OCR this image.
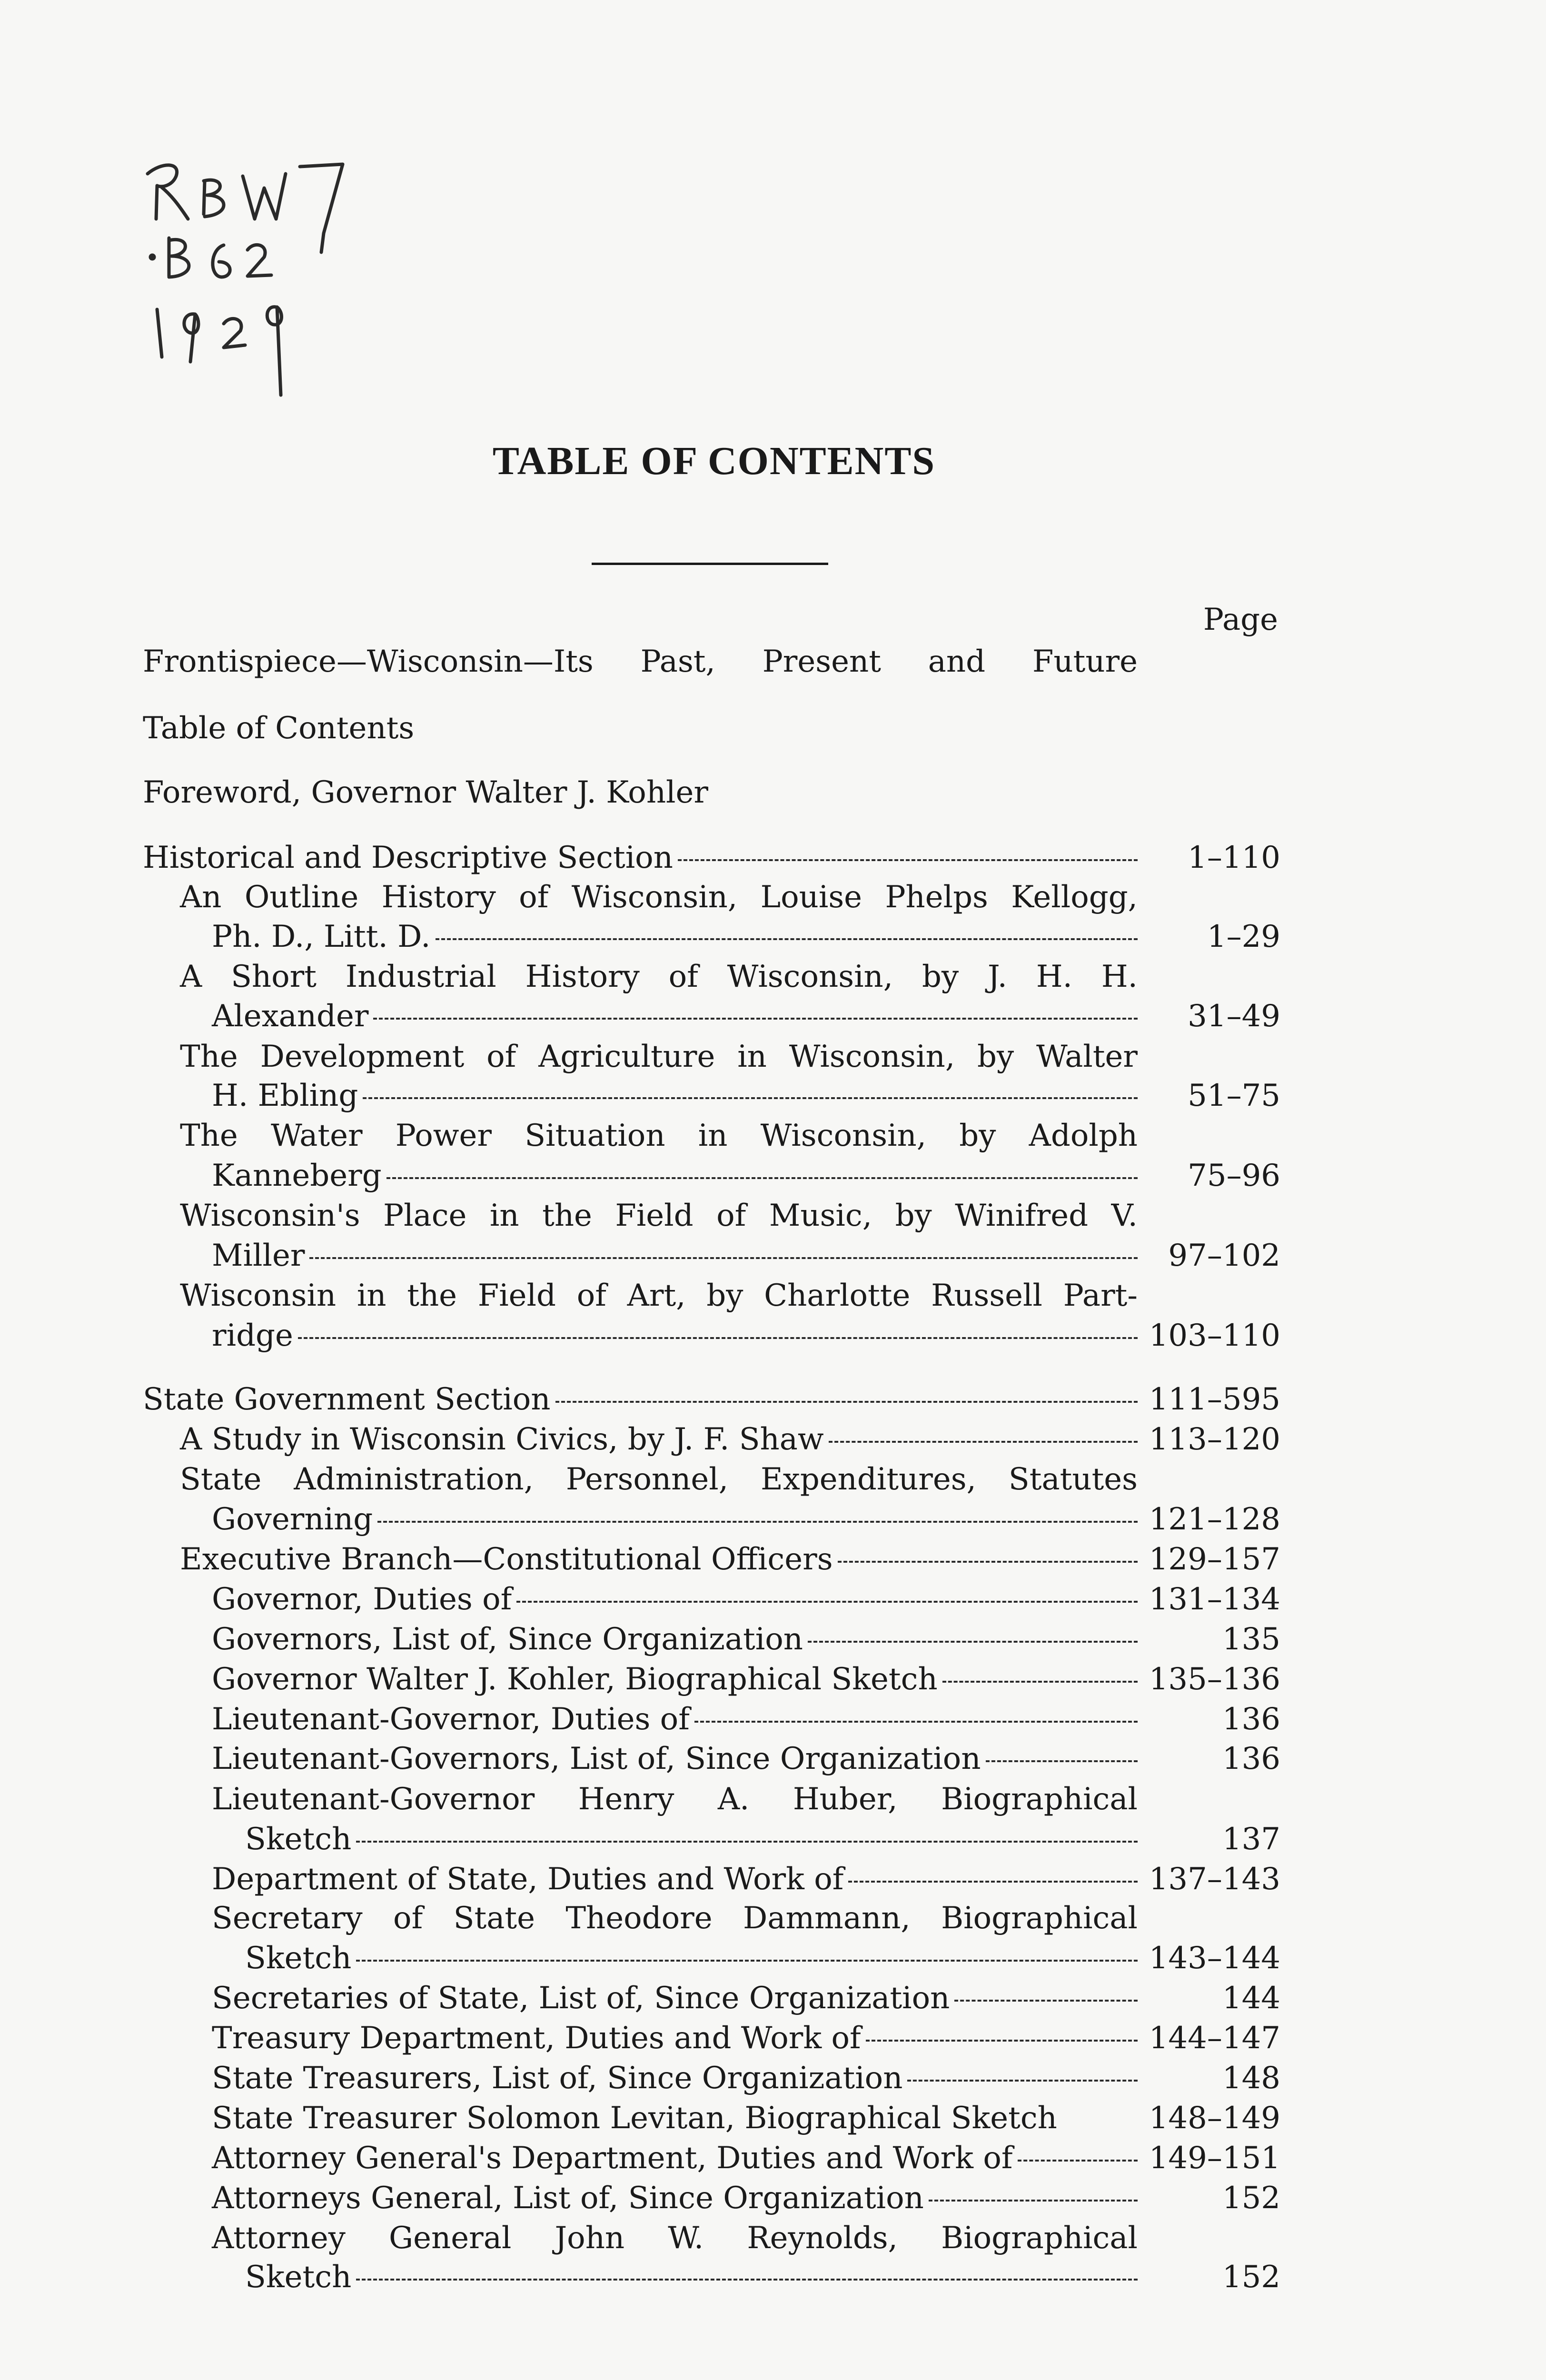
TABLE OF CONTENTS
Page
Frontispiece—Wisconsin—Its Past, Present and Future
Table of Contents
Foreword, Governor Walter J. Kohler
Historical and Descriptive Section	1–110
An Outline History of Wisconsin, Louise Phelps Kellogg,
Ph. D., Litt. D.	1–29
A Short Industrial History of Wisconsin, by J. H. H.
Alexander	31–49
The Development of Agriculture in Wisconsin, by Walter
H. Ebling	51–75
The Water Power Situation in Wisconsin, by Adolph
Kanneberg	75–96
Wisconsin's Place in the Field of Music, by Winifred V.
Miller	97–102
Wisconsin in the Field of Art, by Charlotte Russell Part-
ridge	103–110
State Government Section	111–595
A Study in Wisconsin Civics, by J. F. Shaw	113–120
State Administration, Personnel, Expenditures, Statutes
Governing	121–128
Executive Branch—Constitutional Officers	129–157
Governor, Duties of	131–134
Governors, List of, Since Organization	135
Governor Walter J. Kohler, Biographical Sketch	135–136
Lieutenant-Governor, Duties of	136
Lieutenant-Governors, List of, Since Organization	136
Lieutenant-Governor Henry A. Huber, Biographical
Sketch	137
Department of State, Duties and Work of	137–143
Secretary of State Theodore Dammann, Biographical
Sketch	143–144
Secretaries of State, List of, Since Organization	144
Treasury Department, Duties and Work of	144–147
State Treasurers, List of, Since Organization	148
State Treasurer Solomon Levitan, Biographical Sketch	148–149
Attorney General's Department, Duties and Work of	149–151
Attorneys General, List of, Since Organization	152
Attorney General John W. Reynolds, Biographical
Sketch	152
